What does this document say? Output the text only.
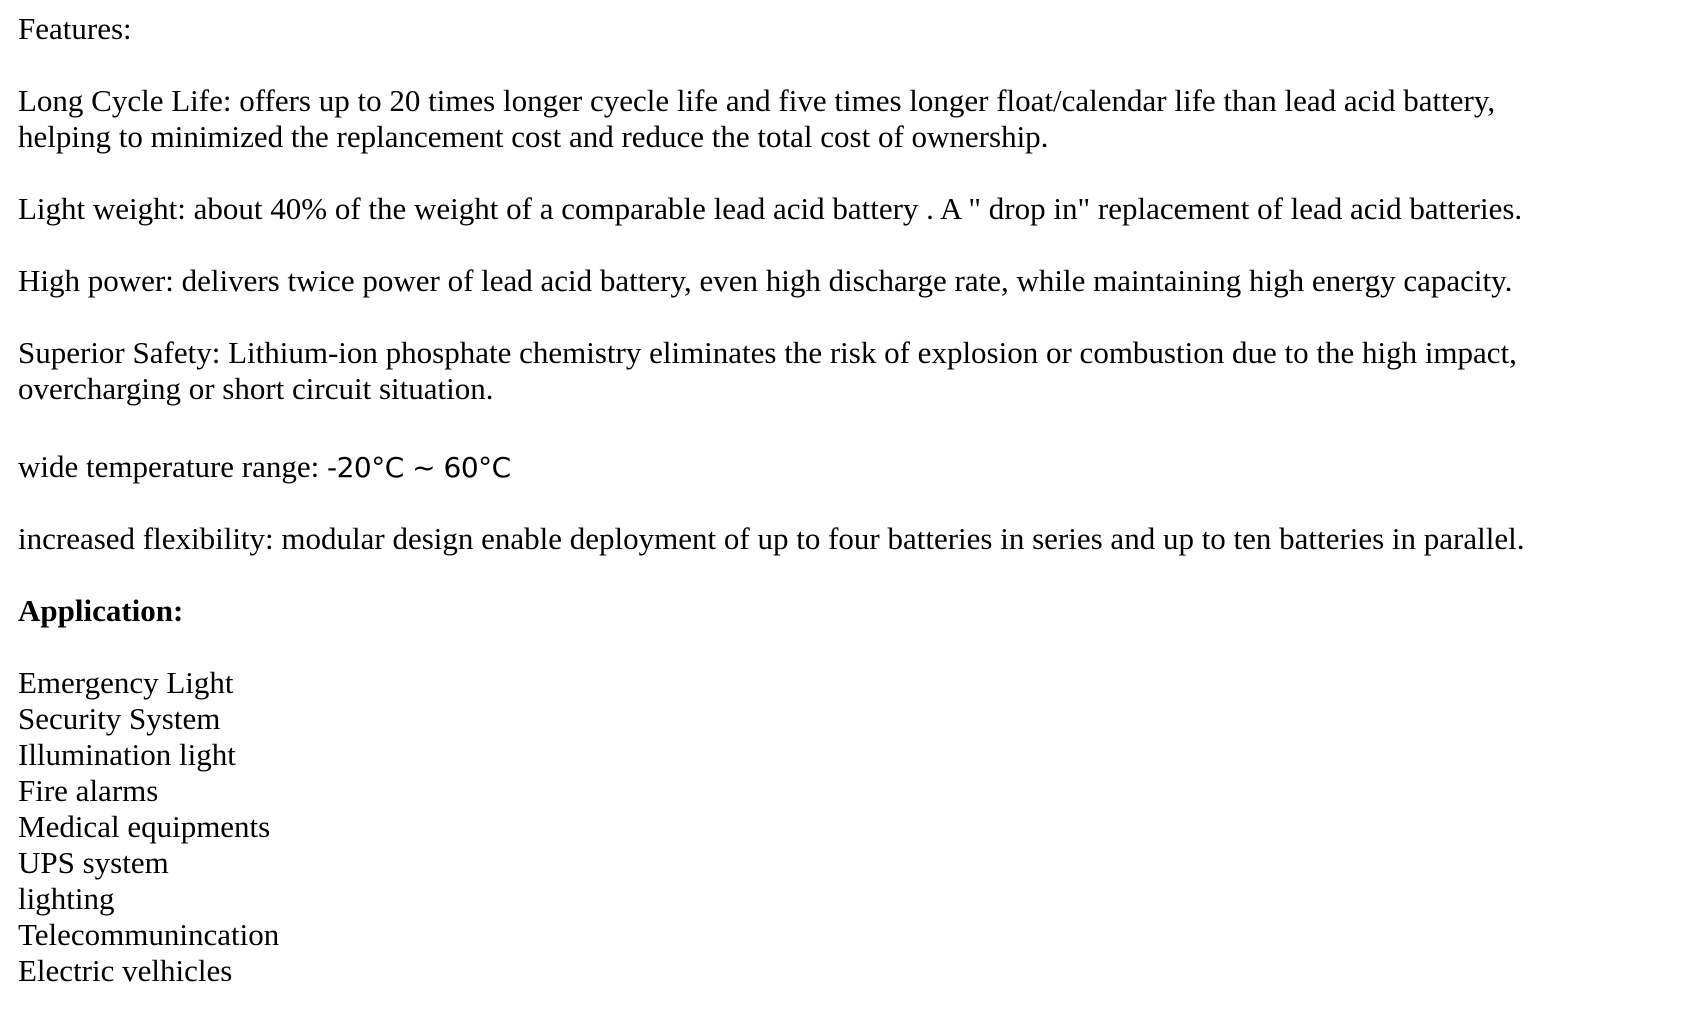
Features:
Long Cycle Life: offers up to 20 times longer cyecle life and five times longer float/calendar life than lead acid battery,
helping to minimized the replancement cost and reduce the total cost of ownership.
Light weight: about 40% of the weight of a comparable lead acid battery . A " drop in" replacement of lead acid batteries.
High power: delivers twice power of lead acid battery, even high discharge rate, while maintaining high energy capacity.
Superior Safety: Lithium-ion phosphate chemistry eliminates the risk of explosion or combustion due to the high impact,
overcharging or short circuit situation.
wide temperature range: -20°C ~ 60°C
increased flexibility: modular design enable deployment of up to four batteries in series and up to ten batteries in parallel.
Application:
Emergency Light
Security System
Illumination light
Fire alarms
Medical equipments
UPS system
lighting
Telecommunincation
Electric velhicles
